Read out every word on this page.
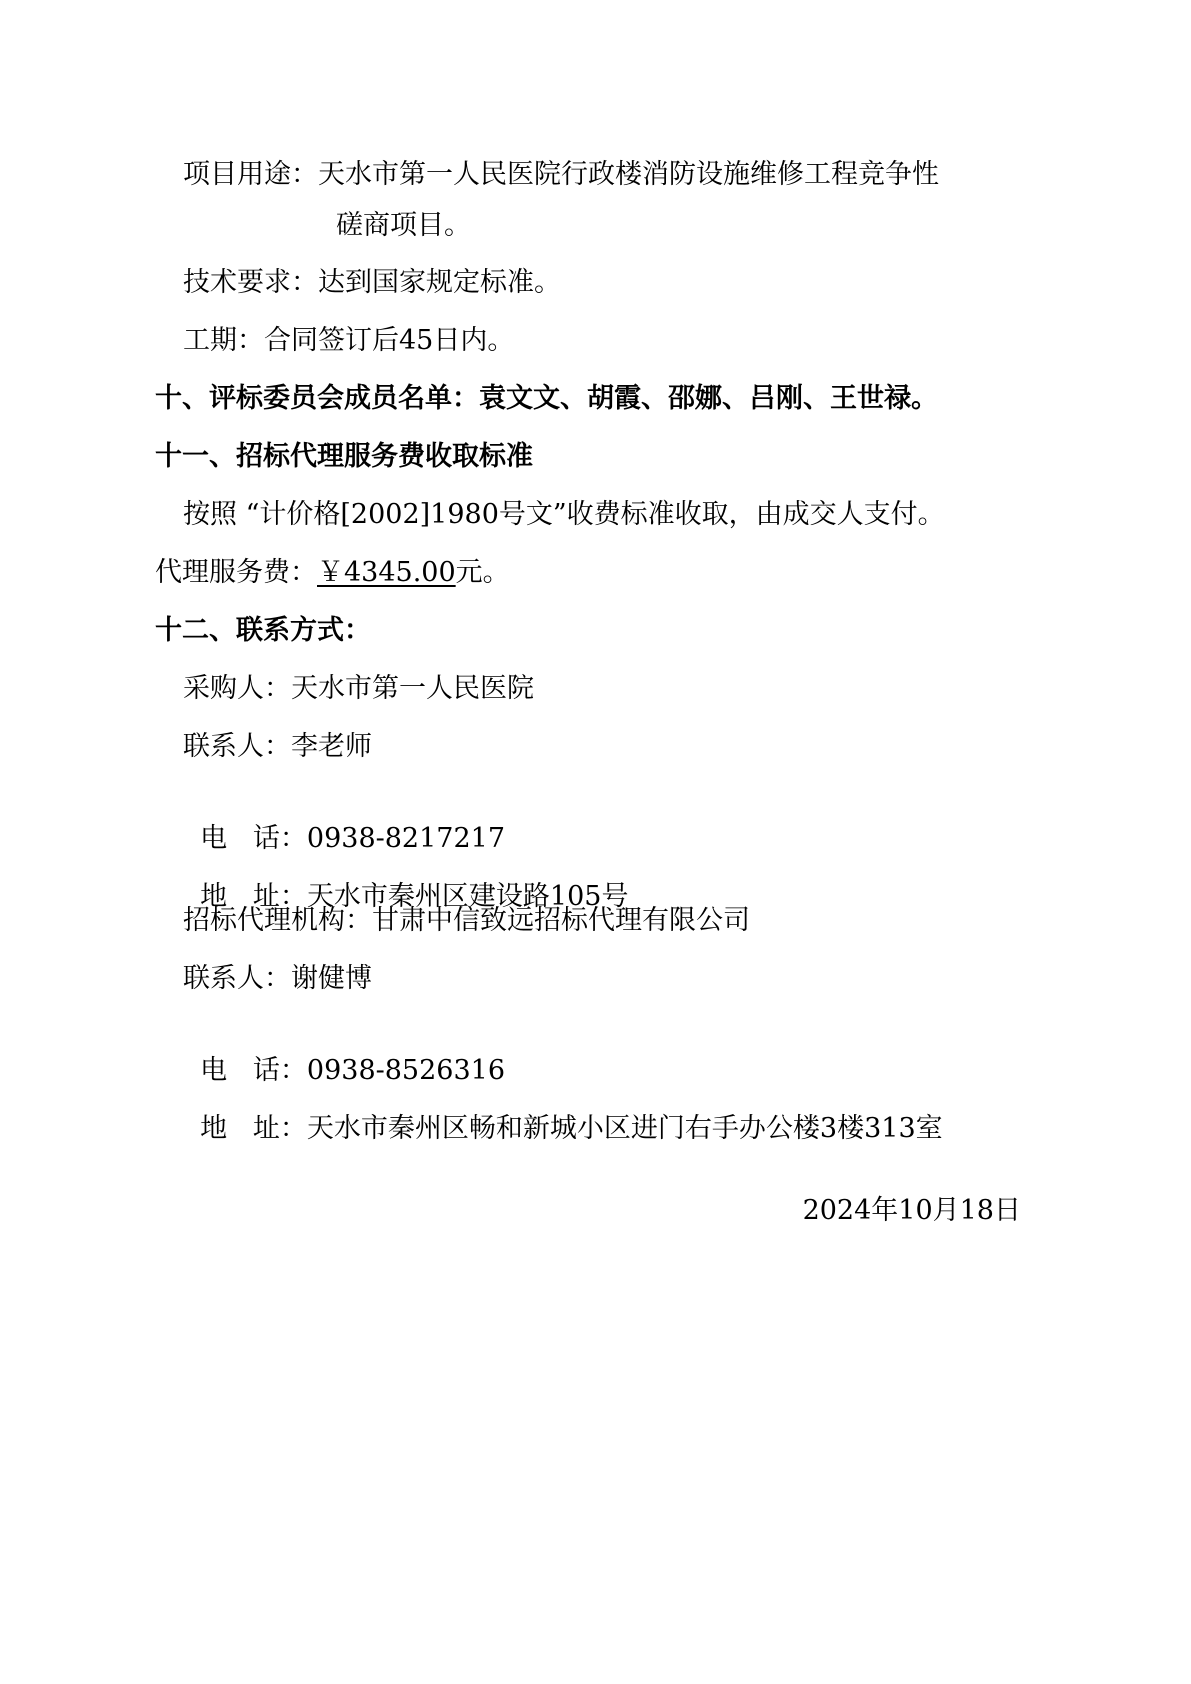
项目用途：天水市第一人民医院行政楼消防设施维修工程竞争性
磋商项目。
技术要求：达到国家规定标准。
工期：合同签订后45日内。
十、评标委员会成员名单：袁文文、胡霞、邵娜、吕刚、王世禄。
十一、招标代理服务费收取标准
按照 “计价格[2002]1980号文”收费标准收取，由成交人支付。
代理服务费：￥4345.00元。
十二、联系方式：
采购人：天水市第一人民医院
联系人：李老师

电   话：0938-8217217

地   址：天水市秦州区建设路105号

招标代理机构：甘肃中信致远招标代理有限公司
联系人：谢健博

电   话：0938-8526316

地   址：天水市秦州区畅和新城小区进门右手办公楼3楼313室

2024年10月18日
